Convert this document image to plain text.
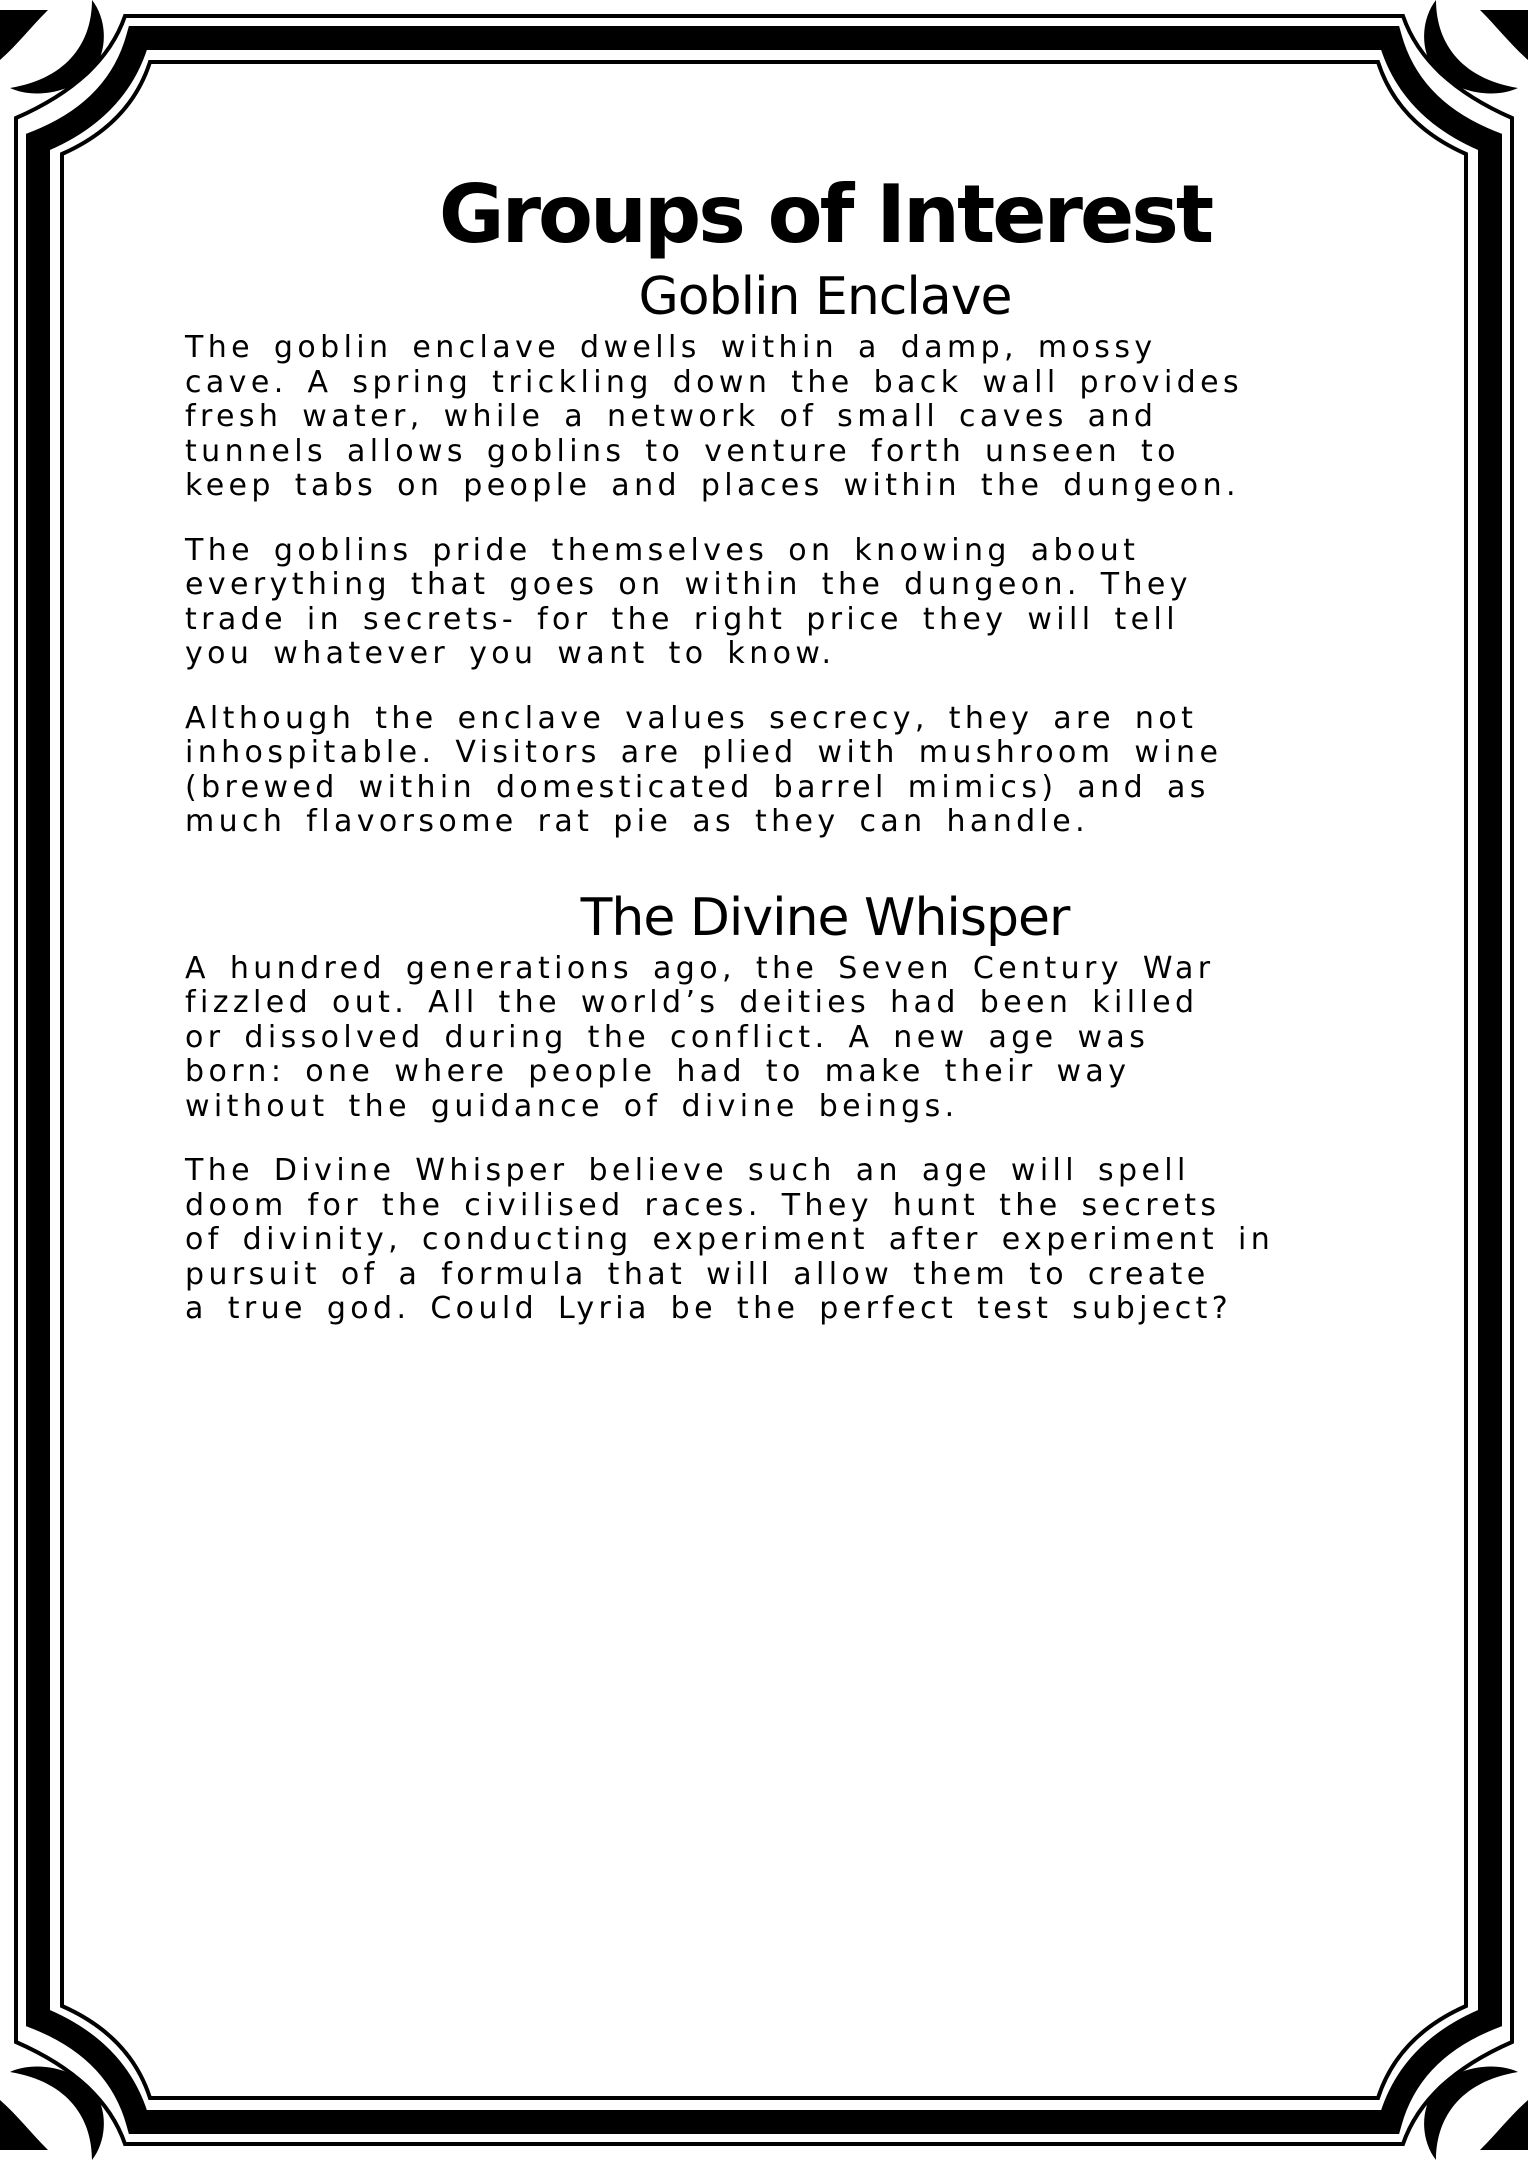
Groups of Interest
Goblin Enclave

The goblin enclave dwells within a damp, mossy
cave. A spring trickling down the back wall provides
fresh water, while a network of small caves and
tunnels allows goblins to venture forth unseen to
keep tabs on people and places within the dungeon.

The goblins pride themselves on knowing about
everything that goes on within the dungeon. They
trade in secrets- for the right price they will tell
you whatever you want to know.

Although the enclave values secrecy, they are not
inhospitable. Visitors are plied with mushroom wine
(brewed within domesticated barrel mimics) and as
much flavorsome rat pie as they can handle.

The Divine Whisper

A hundred generations ago, the Seven Century War
fizzled out. All the world’s deities had been killed
or dissolved during the conflict. A new age was
born: one where people had to make their way
without the guidance of divine beings.

The Divine Whisper believe such an age will spell
doom for the civilised races. They hunt the secrets
of divinity, conducting experiment after experiment in
pursuit of a formula that will allow them to create
a true god. Could Lyria be the perfect test subject?
